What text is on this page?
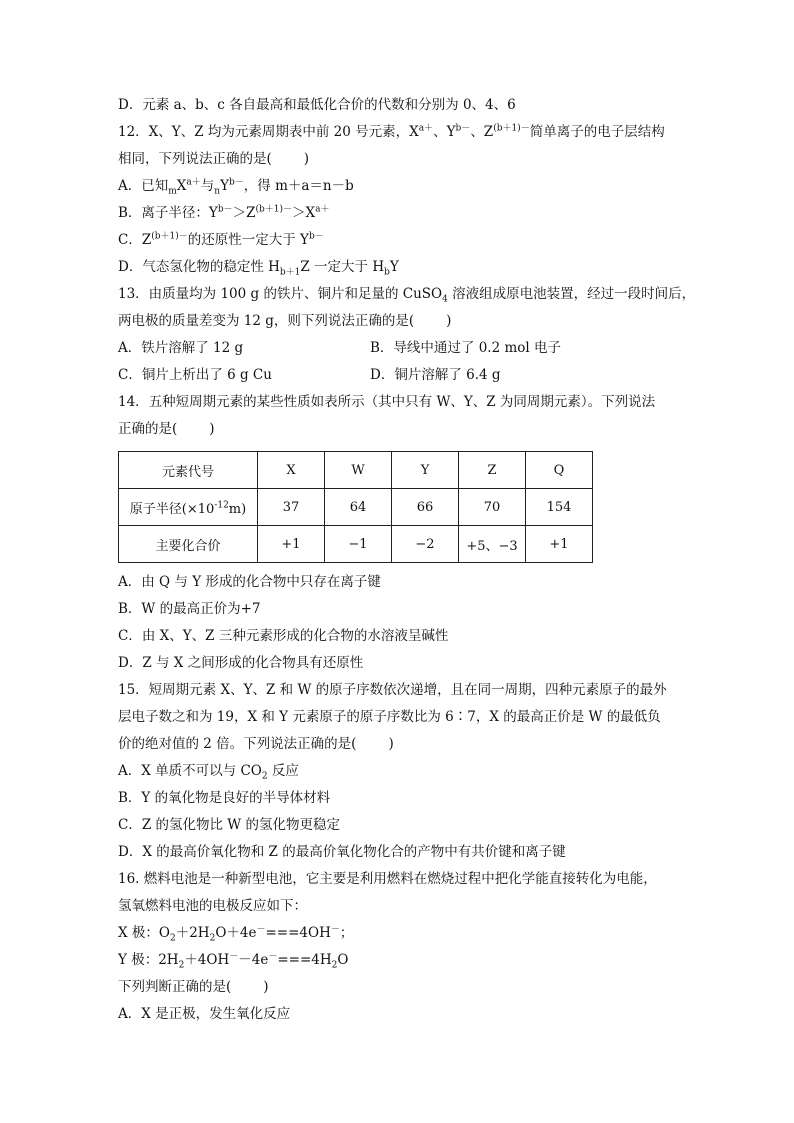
D．元素 a、b、c 各自最高和最低化合价的代数和分别为 0、4、6
12．X、Y、Z 均为元素周期表中前 20 号元素，$X^{a+}$、$Y^{b-}$、$Z^{(b+1)-}$简单离子的电子层结构
相同，下列说法正确的是( )
A．已知$_mX^{a+}$与$_nY^{b-}$，得 m＋a＝n－b
B．离子半径：$Y^{b-}>Z^{(b+1)-}>X^{a+}$
C．$Z^{(b+1)-}$的还原性一定大于 $Y^{b-}$
D．气态氢化物的稳定性 $H_{b+1}Z$ 一定大于 $H_bY$
13．由质量均为 100 g 的铁片、铜片和足量的 CuSO$_4$ 溶液组成原电池装置，经过一段时间后，
两电极的质量差变为 12 g，则下列说法正确的是( )
A．铁片溶解了 12 g	B．导线中通过了 0.2 mol 电子
C．铜片上析出了 6 g Cu	D．铜片溶解了 6.4 g
14．五种短周期元素的某些性质如表所示（其中只有 W、Y、Z 为同周期元素）。下列说法
正确的是( )
元素代号	X	W	Y	Z	Q
原子半径$(\times 10^{-12}m)$	37	64	66	70	154
主要化合价	+1	−1	−2	+5、−3	+1
A．由 Q 与 Y 形成的化合物中只存在离子键
B．W 的最高正价为+7
C．由 X、Y、Z 三种元素形成的化合物的水溶液呈碱性
D．Z 与 X 之间形成的化合物具有还原性
15．短周期元素 X、Y、Z 和 W 的原子序数依次递增，且在同一周期，四种元素原子的最外
层电子数之和为 19，X 和 Y 元素原子的原子序数比为 6∶7，X 的最高正价是 W 的最低负
价的绝对值的 2 倍。下列说法正确的是( )
A．X 单质不可以与 $CO_2$ 反应
B．Y 的氧化物是良好的半导体材料
C．Z 的氢化物比 W 的氢化物更稳定
D．X 的最高价氧化物和 Z 的最高价氧化物化合的产物中有共价键和离子键
16. 燃料电池是一种新型电池，它主要是利用燃料在燃烧过程中把化学能直接转化为电能，
氢氧燃料电池的电极反应如下：
X 极：$O_2+2H_2O+4e^-===4OH^-$；
Y 极：$2H_2+4OH^--4e^-===4H_2O$
下列判断正确的是( )
A．X 是正极，发生氧化反应
